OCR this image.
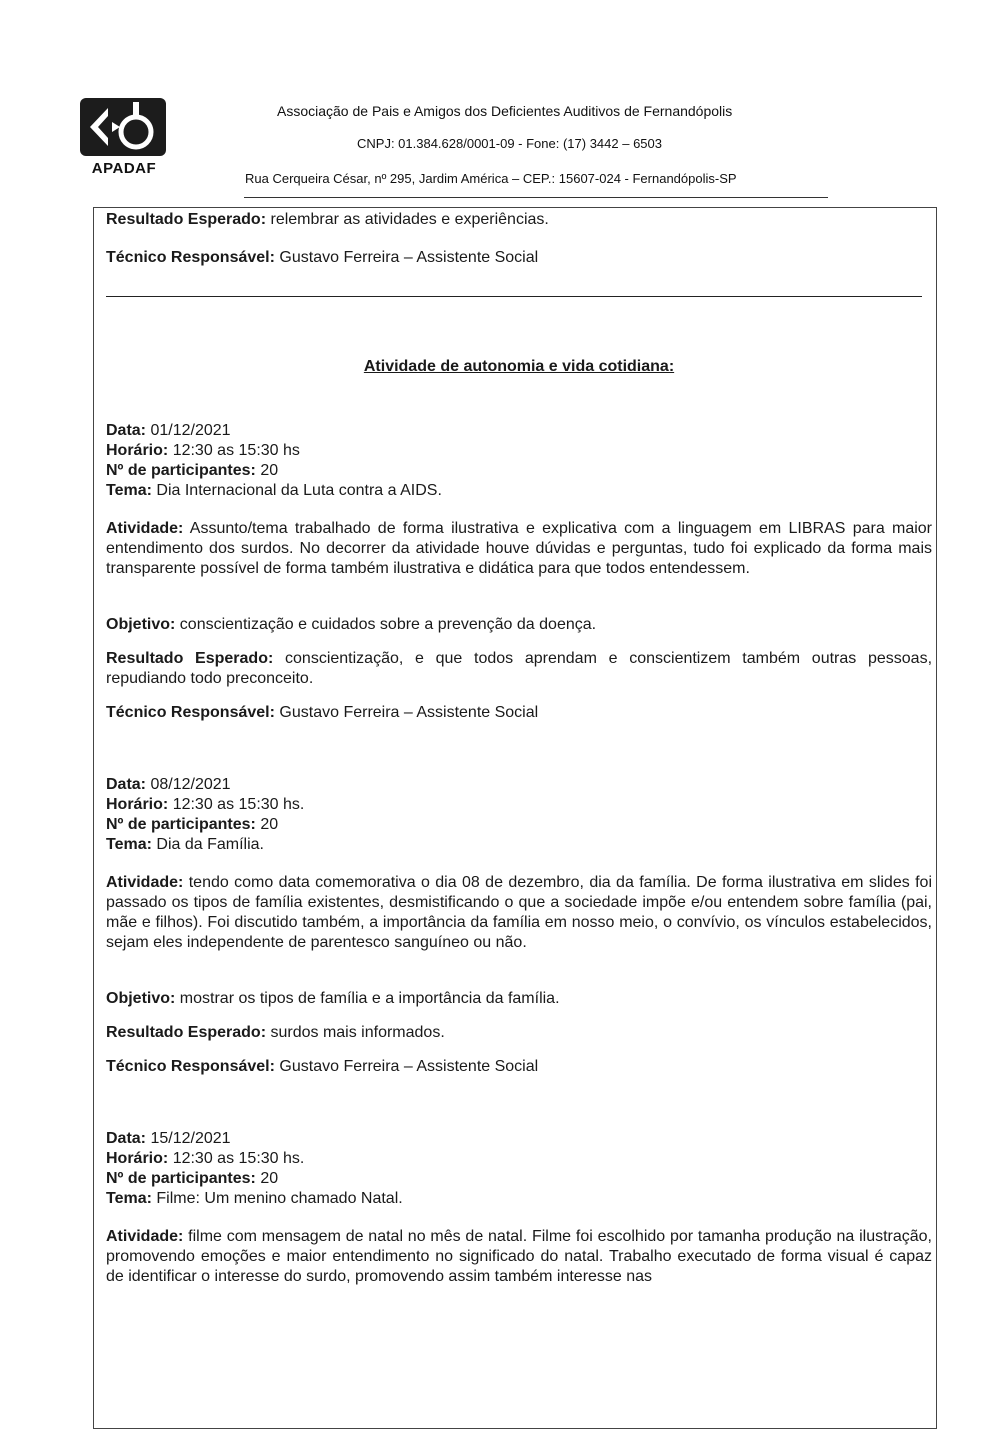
APADAF
Associação de Pais e Amigos dos Deficientes Auditivos de Fernandópolis
CNPJ: 01.384.628/0001-09 - Fone: (17) 3442 – 6503
Rua Cerqueira César, nº 295, Jardim América – CEP.: 15607-024 - Fernandópolis-SP

Resultado Esperado: relembrar as atividades e experiências.

Técnico Responsável: Gustavo Ferreira – Assistente Social

Atividade de autonomia e vida cotidiana:

Data: 01/12/2021

Horário: 12:30 as 15:30 hs

Nº de participantes: 20

Tema: Dia Internacional da Luta contra a AIDS.

Atividade: Assunto/tema trabalhado de forma ilustrativa e explicativa com a linguagem em LIBRAS para maior entendimento dos surdos. No decorrer da atividade houve dúvidas e perguntas, tudo foi explicado da forma mais transparente possível de forma também ilustrativa e didática para que todos entendessem.

Objetivo: conscientização e cuidados sobre a prevenção da doença.

Resultado Esperado: conscientização, e que todos aprendam e conscientizem também outras pessoas, repudiando todo preconceito.

Técnico Responsável: Gustavo Ferreira – Assistente Social

Data: 08/12/2021

Horário: 12:30 as 15:30 hs.

Nº de participantes: 20

Tema: Dia da Família.

Atividade: tendo como data comemorativa o dia 08 de dezembro, dia da família. De forma ilustrativa em slides foi passado os tipos de família existentes, desmistificando o que a sociedade impõe e/ou entendem sobre família (pai, mãe e filhos). Foi discutido também, a importância da família em nosso meio, o convívio, os vínculos estabelecidos, sejam eles independente de parentesco sanguíneo ou não.

Objetivo: mostrar os tipos de família e a importância da família.

Resultado Esperado: surdos mais informados.

Técnico Responsável: Gustavo Ferreira – Assistente Social

Data: 15/12/2021

Horário: 12:30 as 15:30 hs.

Nº de participantes: 20

Tema: Filme: Um menino chamado Natal.

Atividade: filme com mensagem de natal no mês de natal. Filme foi escolhido por tamanha produção na ilustração, promovendo emoções e maior entendimento no significado do natal. Trabalho executado de forma visual é capaz de identificar o interesse do surdo, promovendo assim também interesse nas
